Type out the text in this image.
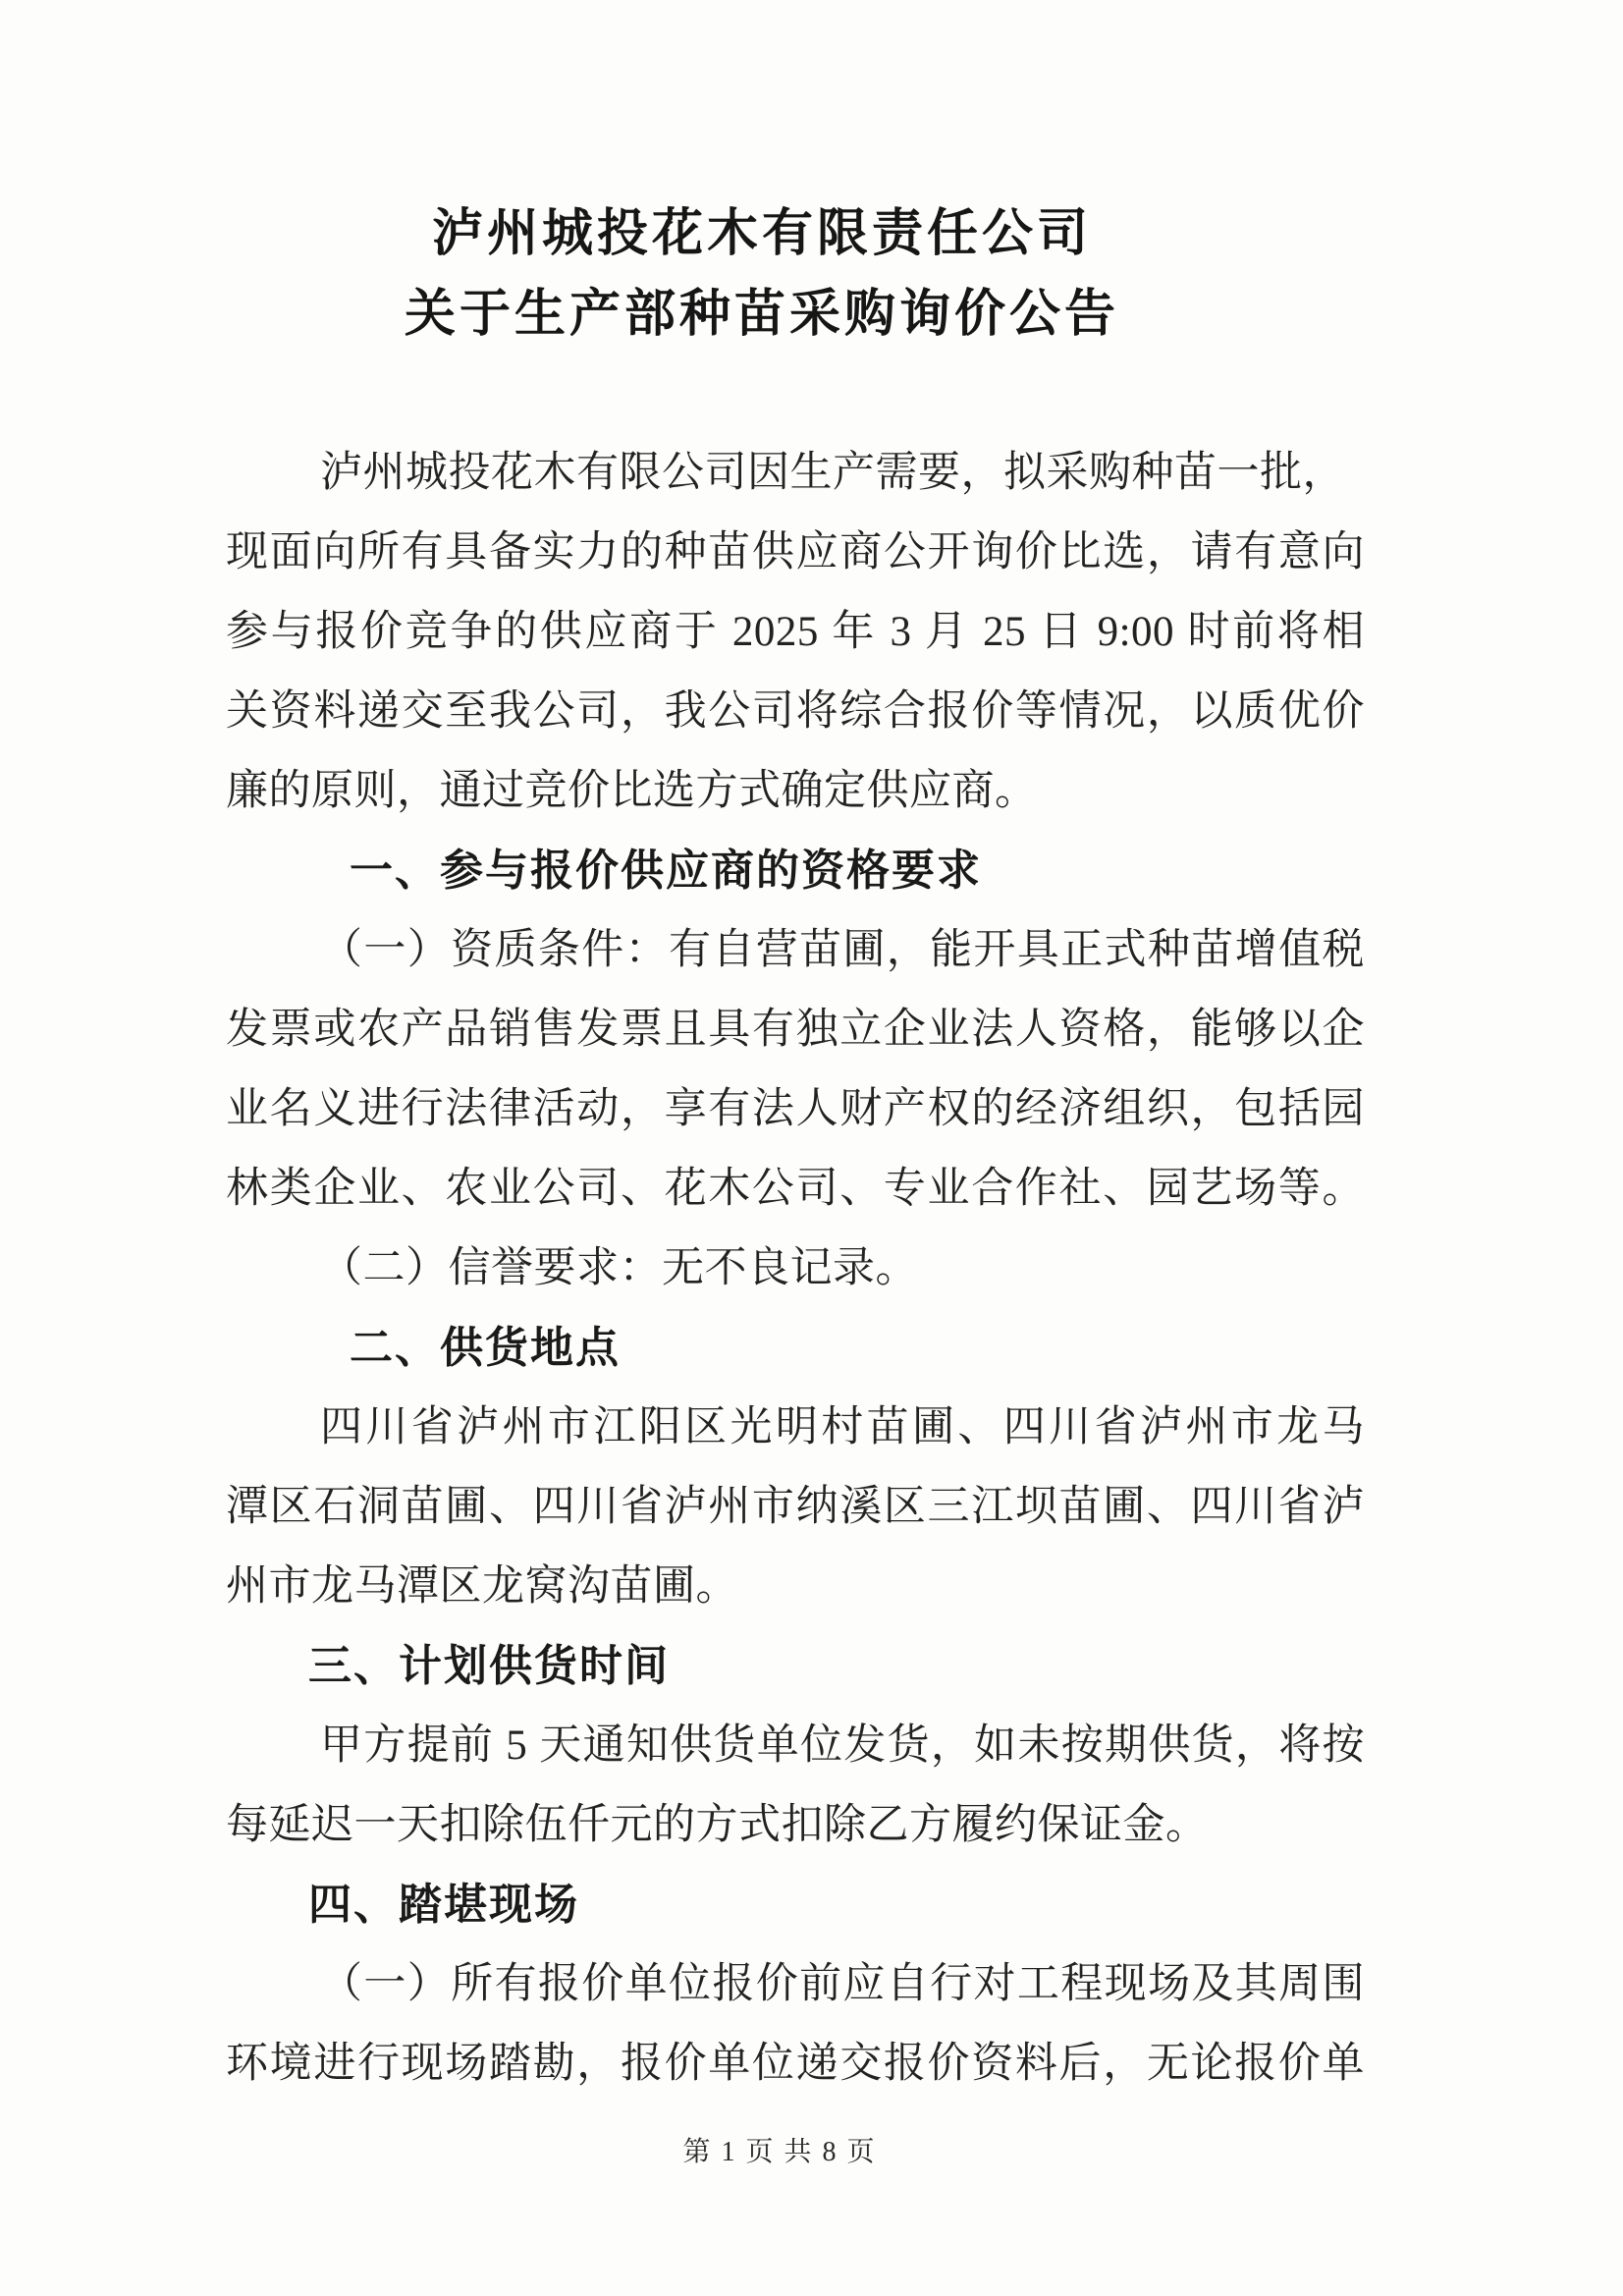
泸州城投花木有限责任公司
关于生产部种苗采购询价公告
泸州城投花木有限公司因生产需要，拟采购种苗一批，
现面向所有具备实力的种苗供应商公开询价比选，请有意向
参与报价竞争的供应商于 2025 年 3 月 25 日 9:00 时前将相
关资料递交至我公司，我公司将综合报价等情况，以质优价
廉的原则，通过竞价比选方式确定供应商。
一、参与报价供应商的资格要求
（一）资质条件：有自营苗圃，能开具正式种苗增值税
发票或农产品销售发票且具有独立企业法人资格，能够以企
业名义进行法律活动，享有法人财产权的经济组织，包括园
林类企业、农业公司、花木公司、专业合作社、园艺场等。
（二）信誉要求：无不良记录。
二、供货地点
四川省泸州市江阳区光明村苗圃、四川省泸州市龙马
潭区石洞苗圃、四川省泸州市纳溪区三江坝苗圃、四川省泸
州市龙马潭区龙窝沟苗圃。
三、计划供货时间
甲方提前 5 天通知供货单位发货，如未按期供货，将按
每延迟一天扣除伍仟元的方式扣除乙方履约保证金。
四、踏堪现场
（一）所有报价单位报价前应自行对工程现场及其周围
环境进行现场踏勘，报价单位递交报价资料后，无论报价单
第 1 页 共 8 页
